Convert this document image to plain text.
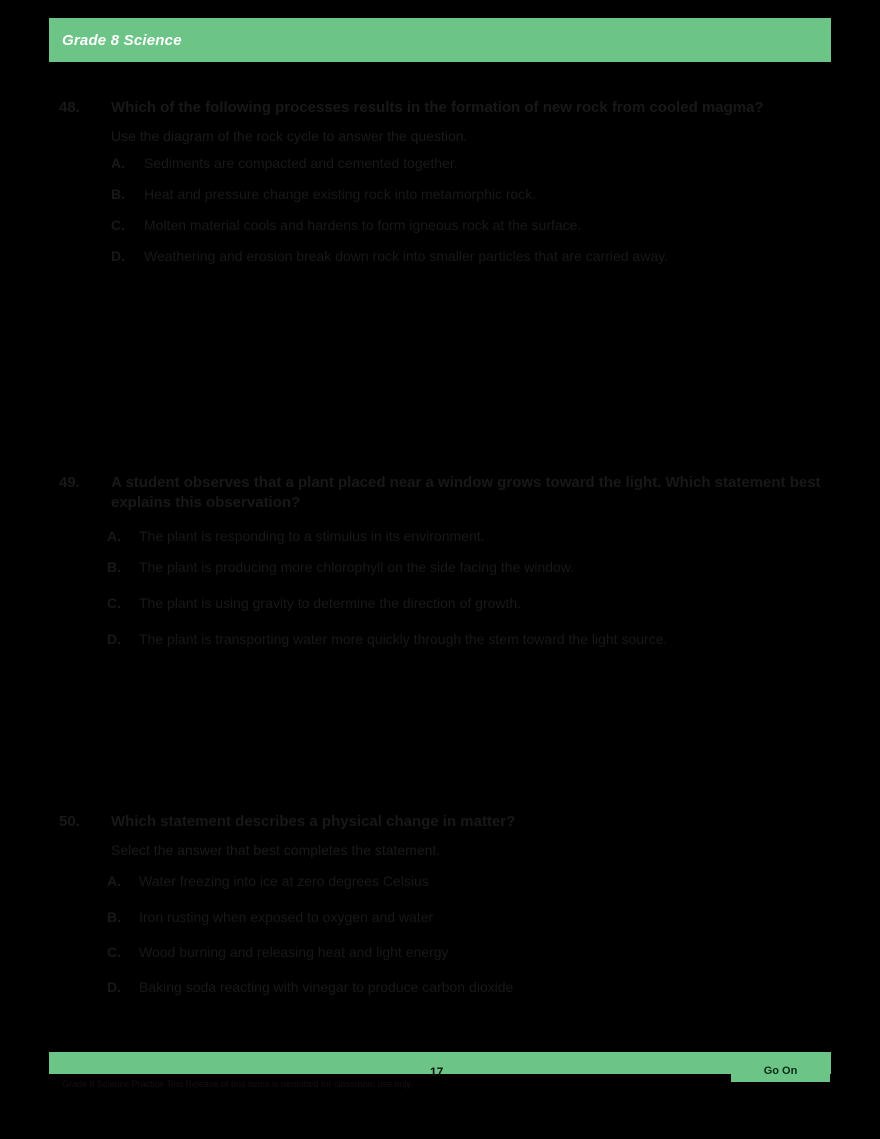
Grade 8 Science
48.	Which of the following processes results in the formation of new rock from cooled magma?
Use the diagram of the rock cycle to answer the question.
A.	Sediments are compacted and cemented together.
B.	Heat and pressure change existing rock into metamorphic rock.
C.	Molten material cools and hardens to form igneous rock at the surface.
D.	Weathering and erosion break down rock into smaller particles that are carried away.
49.	A student observes that a plant placed near a window grows toward the light. Which statement best explains this observation?
A.	The plant is responding to a stimulus in its environment.
B.	The plant is producing more chlorophyll on the side facing the window.
C.	The plant is using gravity to determine the direction of growth.
D.	The plant is transporting water more quickly through the stem toward the light source.
50.	Which statement describes a physical change in matter?
Select the answer that best completes the statement.
A.	Water freezing into ice at zero degrees Celsius
B.	Iron rusting when exposed to oxygen and water
C.	Wood burning and releasing heat and light energy
D.	Baking soda reacting with vinegar to produce carbon dioxide
Grade 8 Science Practice Test Release of test items is permitted for classroom use only.
17	Go On
